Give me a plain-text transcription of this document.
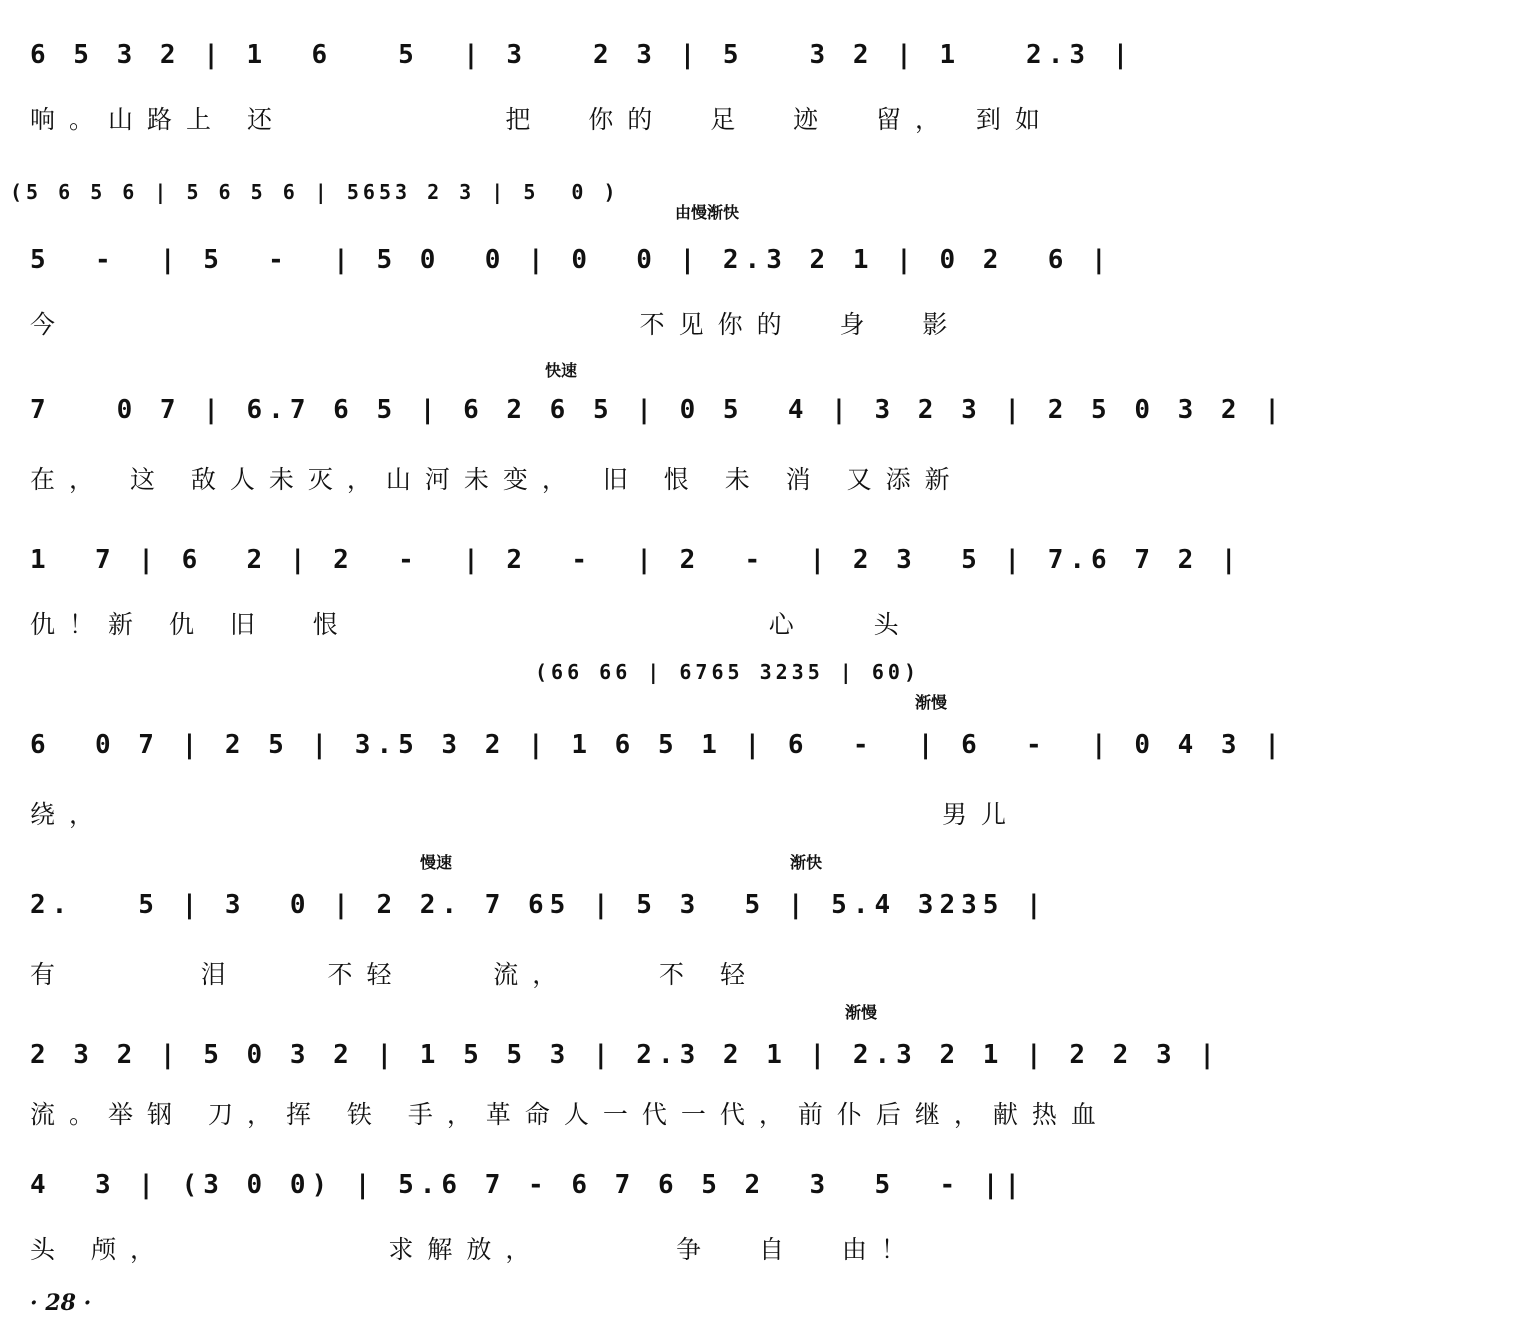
6 5 3 2 | 1  6   5  | 3   2 3 | 5   3 2 | 1   2.3 |
响。山路上 还          把  你的  足  迹  留， 到如
由慢渐快
(5 6 5 6 | 5 6 5 6 | 5653 2 3 | 5  0 )
5  -  | 5  -  | 5 0  0 | 0  0 | 2.3 2 1 | 0 2  6 |
今                          不见你的  身  影
快速
7   0 7 | 6.7 6 5 | 6 2 6 5 | 0 5  4 | 3 2 3 | 2 5 0 3 2 |
在， 这 敌人未灭，山河未变， 旧 恨 未 消 又添新
1  7 | 6  2 | 2  -  | 2  -  | 2  -  | 2 3  5 | 7.6 7 2 |
仇！新 仇 旧  恨                   心   头
渐慢
(66 66 | 6765 3235 | 60)
6  0 7 | 2 5 | 3.5 3 2 | 1 6 5 1 | 6  -  | 6  -  | 0 4 3 |
绕，                                      男儿
慢速	渐快
2.   5 | 3  0 | 2 2. 7 65 | 5 3  5 | 5.4 3235 |
有      泪    不轻    流，    不 轻
渐慢
2 3 2 | 5 0 3 2 | 1 5 5 3 | 2.3 2 1 | 2.3 2 1 | 2 2 3 |
流。举钢 刀，挥 铁 手，革命人一代一代，前仆后继，献热血
4  3 | (3 0 0) | 5.6 7 - 6 7 6 5 2  3  5  - ||
头 颅，          求解放，      争  自  由！
· 28 ·
